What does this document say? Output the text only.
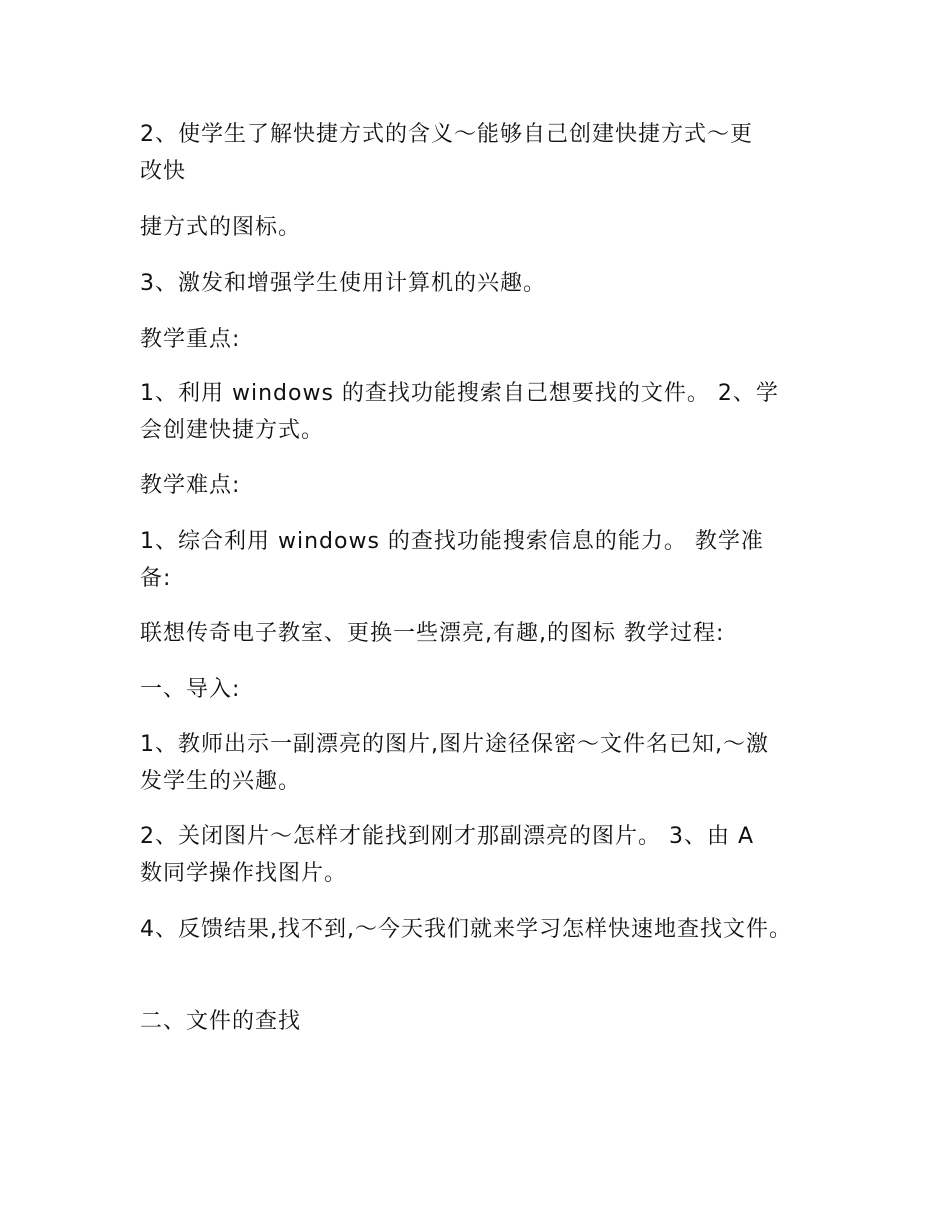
2、使学生了解快捷方式的含义～能够自己创建快捷方式～更
改快

捷方式的图标。

3、激发和增强学生使用计算机的兴趣。

教学重点:

1、利用 windows 的查找功能搜索自己想要找的文件。 2、学
会创建快捷方式。

教学难点:

1、综合利用 windows 的查找功能搜索信息的能力。 教学准
备:

联想传奇电子教室、更换一些漂亮,有趣,的图标 教学过程:

一、导入:

1、教师出示一副漂亮的图片,图片途径保密～文件名已知,～激
发学生的兴趣。

2、关闭图片～怎样才能找到刚才那副漂亮的图片。 3、由 A
数同学操作找图片。

4、反馈结果,找不到,～今天我们就来学习怎样快速地查找文件。

二、文件的查找
